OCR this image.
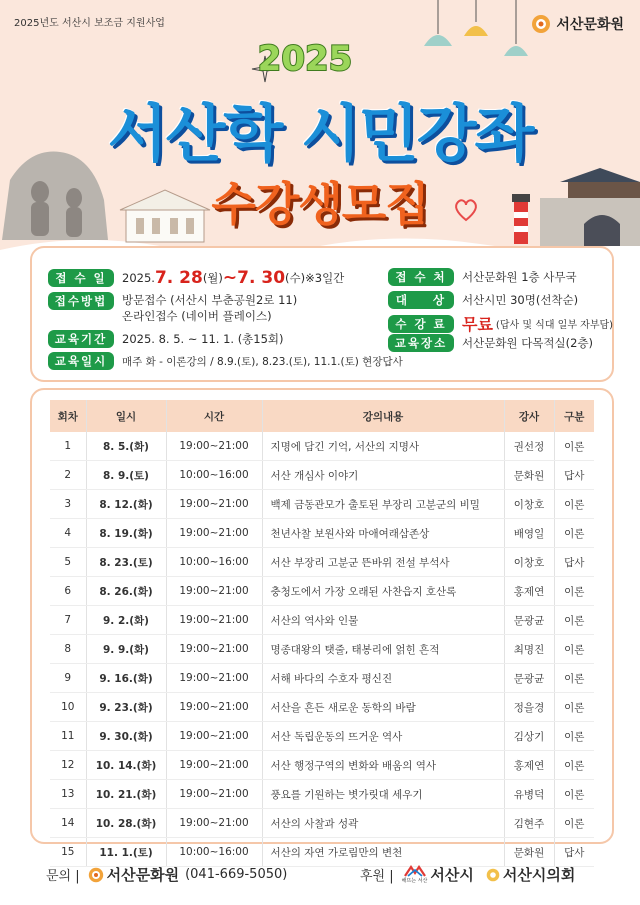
2025년도 서산시 보조금 지원사업	서산문화원
2025
서산학 시민강좌
수강생모집
접 수 일	2025. 7. 28 (월) ~ 7. 30 (수) ※3일간
접수방법	방문접수 (서산시 부춘공원2로 11)
온라인접수 (네이버 플레이스)
교육기간	2025. 8. 5. ~ 11. 1. (총15회)
교육일시	매주 화 - 이론강의 / 8.9.(토), 8.23.(토), 11.1.(토) 현장답사
접 수 처	서산문화원 1층 사무국
대    상	서산시민 30명(선착순)
수 강 료 무료 (답사 및 식대 일부 자부담)
교육장소	서산문화원 다목적실(2층)
회차	일시	시간	강의내용	강사	구분
1	8. 5.(화)	19:00~21:00	지명에 담긴 기억, 서산의 지명사	권선정	이론
2	8. 9.(토)	10:00~16:00	서산 개심사 이야기	문화원	답사
3	8. 12.(화)	19:00~21:00	백제 금동관모가 출토된 부장리 고분군의 비밀	이창호	이론
4	8. 19.(화)	19:00~21:00	천년사찰 보원사와 마애여래삼존상	배영일	이론
5	8. 23.(토)	10:00~16:00	서산 부장리 고분군 뜬바위 전설 부석사	이창호	답사
6	8. 26.(화)	19:00~21:00	충청도에서 가장 오래된 사찬읍지 호산록	홍제연	이론
7	9. 2.(화)	19:00~21:00	서산의 역사와 인물	문광균	이론
8	9. 9.(화)	19:00~21:00	명종대왕의 탯줄, 태봉리에 얽힌 흔적	최명진	이론
9	9. 16.(화)	19:00~21:00	서해 바다의 수호자 평신진	문광균	이론
10	9. 23.(화)	19:00~21:00	서산을 흔든 새로운 동학의 바람	정을경	이론
11	9. 30.(화)	19:00~21:00	서산 독립운동의 뜨거운 역사	김상기	이론
12	10. 14.(화)	19:00~21:00	서산 행정구역의 변화와 배움의 역사	홍제연	이론
13	10. 21.(화)	19:00~21:00	풍요를 기원하는 볏가릿대 세우기	유병덕	이론
14	10. 28.(화)	19:00~21:00	서산의 사찰과 성곽	김현주	이론
15	11. 1.(토)	10:00~16:00	서산의 자연 가로림만의 변천	문화원	답사
문의 | 서산문화원 (041-669-5050)	후원 | 해뜨는 서산 서산시 서산시의회
